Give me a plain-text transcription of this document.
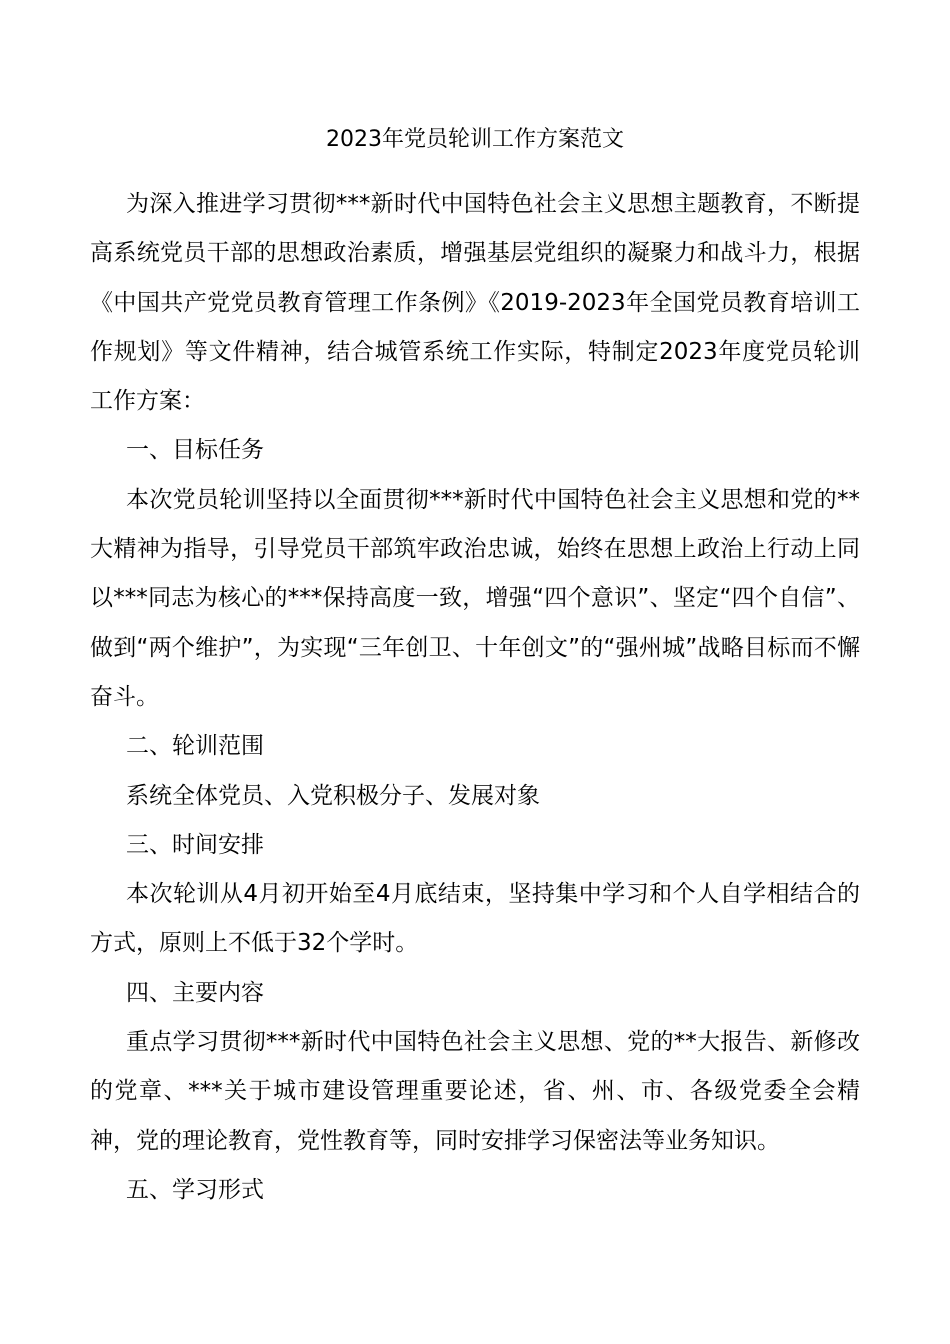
2023年党员轮训工作方案范文

为深入推进学习贯彻***新时代中国特色社会主义思想主题教育，不断提高系统党员干部的思想政治素质，增强基层党组织的凝聚力和战斗力，根据《中国共产党党员教育管理工作条例》《2019-2023年全国党员教育培训工作规划》等文件精神，结合城管系统工作实际，特制定2023年度党员轮训工作方案：

一、目标任务

本次党员轮训坚持以全面贯彻***新时代中国特色社会主义思想和党的**大精神为指导，引导党员干部筑牢政治忠诚，始终在思想上政治上行动上同以***同志为核心的***保持高度一致，增强“四个意识”、坚定“四个自信”、做到“两个维护”，为实现“三年创卫、十年创文”的“强州城”战略目标而不懈奋斗。

二、轮训范围

系统全体党员、入党积极分子、发展对象

三、时间安排

本次轮训从4月初开始至4月底结束，坚持集中学习和个人自学相结合的方式，原则上不低于32个学时。

四、主要内容

重点学习贯彻***新时代中国特色社会主义思想、党的**大报告、新修改的党章、***关于城市建设管理重要论述，省、州、市、各级党委全会精神，党的理论教育，党性教育等，同时安排学习保密法等业务知识。

五、学习形式
